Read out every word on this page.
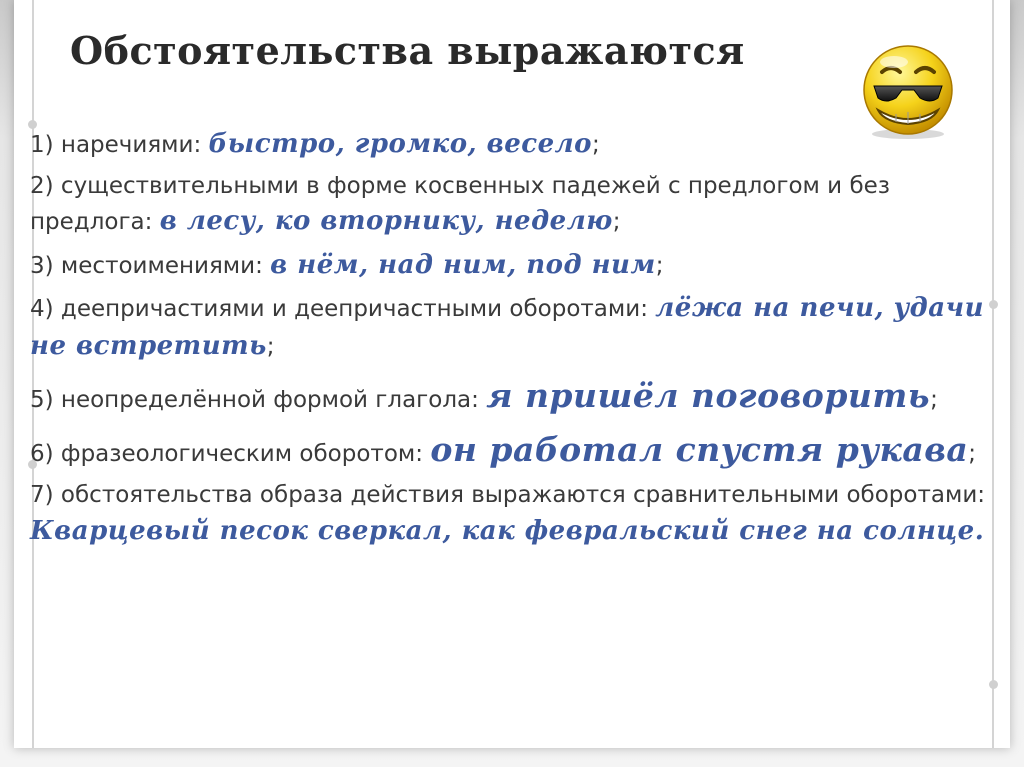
Обстоятельства выражаются
1) наречиями: быстро, громко, весело;
2) существительными в форме косвенных падежей с предлогом и без предлога: в лесу, ко вторнику, неделю;
3) местоимениями: в нём, над ним, под ним;
4) деепричастиями и деепричастными оборотами: лёжа на печи, удачи не встретить;
5) неопределённой формой глагола: я пришёл поговорить;
6) фразеологическим оборотом: он работал спустя рукава;
7) обстоятельства образа действия выражаются сравнительными оборотами: Кварцевый песок сверкал, как февральский снег на солнце.
